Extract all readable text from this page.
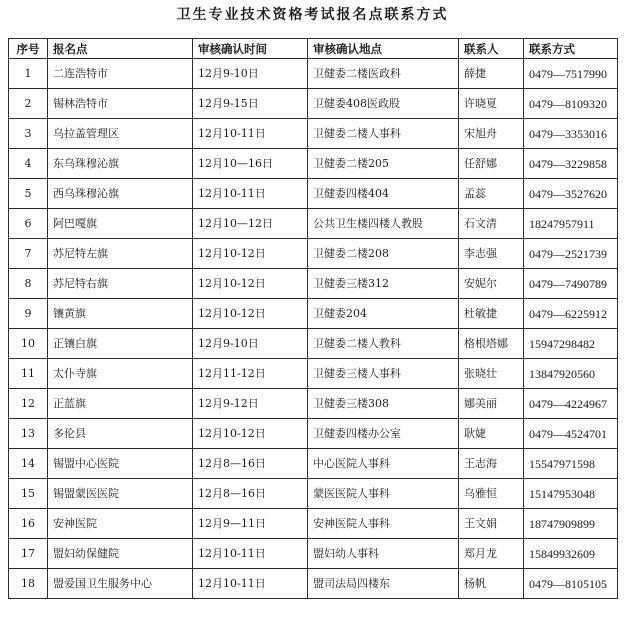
卫生专业技术资格考试报名点联系方式
序号	报名点	审核确认时间	审核确认地点	联系人	联系方式
1	二连浩特市	12月9-10日	卫健委二楼医政科	薛捷	0479—7517990
2	锡林浩特市	12月9-15日	卫健委408医政股	许晓夏	0479—8109320
3	乌拉盖管理区	12月10-11日	卫健委二楼人事科	宋旭舟	0479—3353016
4	东乌珠穆沁旗	12月10—16日	卫健委二楼205	任舒娜	0479—3229858
5	西乌珠穆沁旗	12月10-11日	卫健委四楼404	孟蕊	0479—3527620
6	阿巴嘎旗	12月10—12日	公共卫生楼四楼人教股	石文清	18247957911
7	苏尼特左旗	12月10-12日	卫健委二楼208	李志强	0479—2521739
8	苏尼特右旗	12月10-12日	卫健委三楼312	安妮尔	0479—7490789
9	镶黄旗	12月10-12日	卫健委204	杜敏捷	0479—6225912
10	正镶白旗	12月9-10日	卫健委二楼人教科	格根塔娜	15947298482
11	太仆寺旗	12月11-12日	卫健委三楼人事科	张晓壮	13847920560
12	正蓝旗	12月9-12日	卫健委三楼308	娜美丽	0479—4224967
13	多伦县	12月10-12日	卫健委四楼办公室	耿婕	0479—4524701
14	锡盟中心医院	12月8—16日	中心医院人事科	王志海	15547971598
15	锡盟蒙医医院	12月8—16日	蒙医医院人事科	乌雅恒	15147953048
16	安神医院	12月9—11日	安神医院人事科	王文娟	18747909899
17	盟妇幼保健院	12月10-11日	盟妇幼人事科	郑月龙	15849932609
18	盟爱国卫生服务中心	12月10-11日	盟司法局四楼东	杨帆	0479—8105105
